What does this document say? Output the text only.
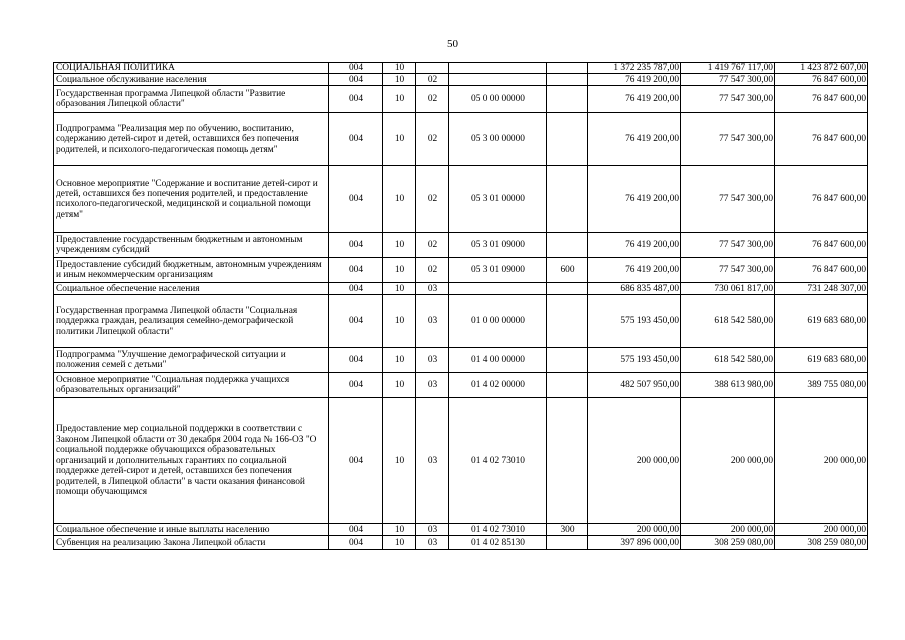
50
СОЦИАЛЬНАЯ ПОЛИТИКА	004	10				1 372 235 787,00	1 419 767 117,00	1 423 872 607,00
Социальное обслуживание населения	004	10	02			76 419 200,00	77 547 300,00	76 847 600,00
Государственная программа Липецкой области "Развитие образования Липецкой области"	004	10	02	05 0 00 00000		76 419 200,00	77 547 300,00	76 847 600,00
Подпрограмма "Реализация мер по обучению, воспитанию, содержанию детей-сирот и детей, оставшихся без попечения родителей, и психолого-педагогическая помощь детям"	004	10	02	05 3 00 00000		76 419 200,00	77 547 300,00	76 847 600,00
Основное мероприятие "Содержание и воспитание детей-сирот и детей, оставшихся без попечения родителей, и предоставление психолого-педагогической, медицинской и социальной помощи детям"	004	10	02	05 3 01 00000		76 419 200,00	77 547 300,00	76 847 600,00
Предоставление государственным бюджетным и автономным учреждениям субсидий	004	10	02	05 3 01 09000		76 419 200,00	77 547 300,00	76 847 600,00
Предоставление субсидий бюджетным, автономным учреждениям и иным некоммерческим организациям	004	10	02	05 3 01 09000	600	76 419 200,00	77 547 300,00	76 847 600,00
Социальное обеспечение населения	004	10	03			686 835 487,00	730 061 817,00	731 248 307,00
Государственная программа Липецкой области "Социальная поддержка граждан, реализация семейно-демографической политики Липецкой области"	004	10	03	01 0 00 00000		575 193 450,00	618 542 580,00	619 683 680,00
Подпрограмма "Улучшение демографической ситуации и положения семей с детьми"	004	10	03	01 4 00 00000		575 193 450,00	618 542 580,00	619 683 680,00
Основное мероприятие "Социальная поддержка учащихся образовательных организаций"	004	10	03	01 4 02 00000		482 507 950,00	388 613 980,00	389 755 080,00
Предоставление мер социальной поддержки в соответствии с Законом Липецкой области от 30 декабря 2004 года № 166-ОЗ "О социальной поддержке обучающихся образовательных организаций и дополнительных гарантиях по социальной поддержке детей-сирот и детей, оставшихся без попечения родителей, в Липецкой области" в части оказания финансовой помощи обучающимся	004	10	03	01 4 02 73010		200 000,00	200 000,00	200 000,00
Социальное обеспечение и иные выплаты населению	004	10	03	01 4 02 73010	300	200 000,00	200 000,00	200 000,00
Субвенция на реализацию Закона Липецкой области	004	10	03	01 4 02 85130		397 896 000,00	308 259 080,00	308 259 080,00
